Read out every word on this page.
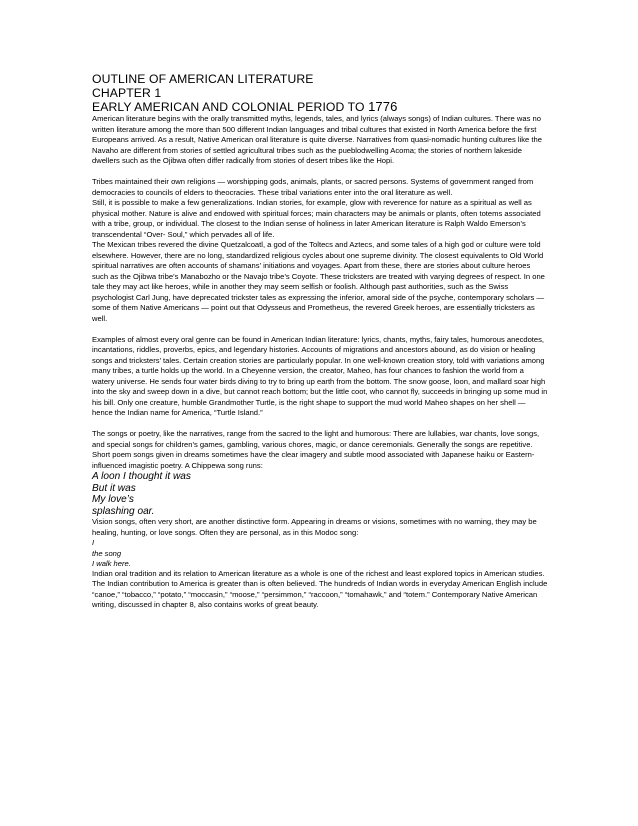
OUTLINE OF AMERICAN LITERATURE
CHAPTER 1
EARLY AMERICAN AND COLONIAL PERIOD TO 1776

American literature begins with the orally transmitted myths, legends, tales, and lyrics (always songs) of Indian cultures. There was no written literature among the more than 500 different Indian languages and tribal cultures that existed in North America before the first Europeans arrived. As a result, Native American oral literature is quite diverse. Narratives from quasi-nomadic hunting cultures like the Navaho are different from stories of settled agricultural tribes such as the pueblodwelling Acoma; the stories of northern lakeside dwellers such as the Ojibwa often differ radically from stories of desert tribes like the Hopi.

Tribes maintained their own religions — worshipping gods, animals, plants, or sacred persons. Systems of government ranged from democracies to councils of elders to theocracies. These tribal variations enter into the oral literature as well.

Still, it is possible to make a few generalizations. Indian stories, for example, glow with reverence for nature as a spiritual as well as physical mother. Nature is alive and endowed with spiritual forces; main characters may be animals or plants, often totems associated with a tribe, group, or individual. The closest to the Indian sense of holiness in later American literature is Ralph Waldo Emerson’s transcendental “Over- Soul,” which pervades all of life.

The Mexican tribes revered the divine Quetzalcoatl, a god of the Toltecs and Aztecs, and some tales of a high god or culture were told elsewhere. However, there are no long, standardized religious cycles about one supreme divinity. The closest equivalents to Old World spiritual narratives are often accounts of shamans’ initiations and voyages. Apart from these, there are stories about culture heroes such as the Ojibwa tribe’s Manabozho or the Navajo tribe’s Coyote. These tricksters are treated with varying degrees of respect. In one tale they may act like heroes, while in another they may seem selfish or foolish. Although past authorities, such as the Swiss psychologist Carl Jung, have deprecated trickster tales as expressing the inferior, amoral side of the psyche, contemporary scholars — some of them Native Americans — point out that Odysseus and Prometheus, the revered Greek heroes, are essentially tricksters as well.

Examples of almost every oral genre can be found in American Indian literature: lyrics, chants, myths, fairy tales, humorous anecdotes, incantations, riddles, proverbs, epics, and legendary histories. Accounts of migrations and ancestors abound, as do vision or healing songs and tricksters’ tales. Certain creation stories are particularly popular. In one well-known creation story, told with variations among many tribes, a turtle holds up the world. In a Cheyenne version, the creator, Maheo, has four chances to fashion the world from a watery universe. He sends four water birds diving to try to bring up earth from the bottom. The snow goose, loon, and mallard soar high into the sky and sweep down in a dive, but cannot reach bottom; but the little coot, who cannot fly, succeeds in bringing up some mud in his bill. Only one creature, humble Grandmother Turtle, is the right shape to support the mud world Maheo shapes on her shell — hence the Indian name for America, “Turtle Island.”

The songs or poetry, like the narratives, range from the sacred to the light and humorous: There are lullabies, war chants, love songs, and special songs for children’s games, gambling, various chores, magic, or dance ceremonials. Generally the songs are repetitive. Short poem songs given in dreams sometimes have the clear imagery and subtle mood associated with Japanese haiku or Eastern-influenced imagistic poetry. A Chippewa song runs:

A loon I thought it was

But it was

My love’s

splashing oar.

Vision songs, often very short, are another distinctive form. Appearing in dreams or visions, sometimes with no warning, they may be healing, hunting, or love songs. Often they are personal, as in this Modoc song:

I

the song

I walk here.

Indian oral tradition and its relation to American literature as a whole is one of the richest and least explored topics in American studies. The Indian contribution to America is greater than is often believed. The hundreds of Indian words in everyday American English include “canoe,” “tobacco,” “potato,” “moccasin,” “moose,” “persimmon,” “raccoon,” “tomahawk,” and “totem.” Contemporary Native American writing, discussed in chapter 8, also contains works of great beauty.
